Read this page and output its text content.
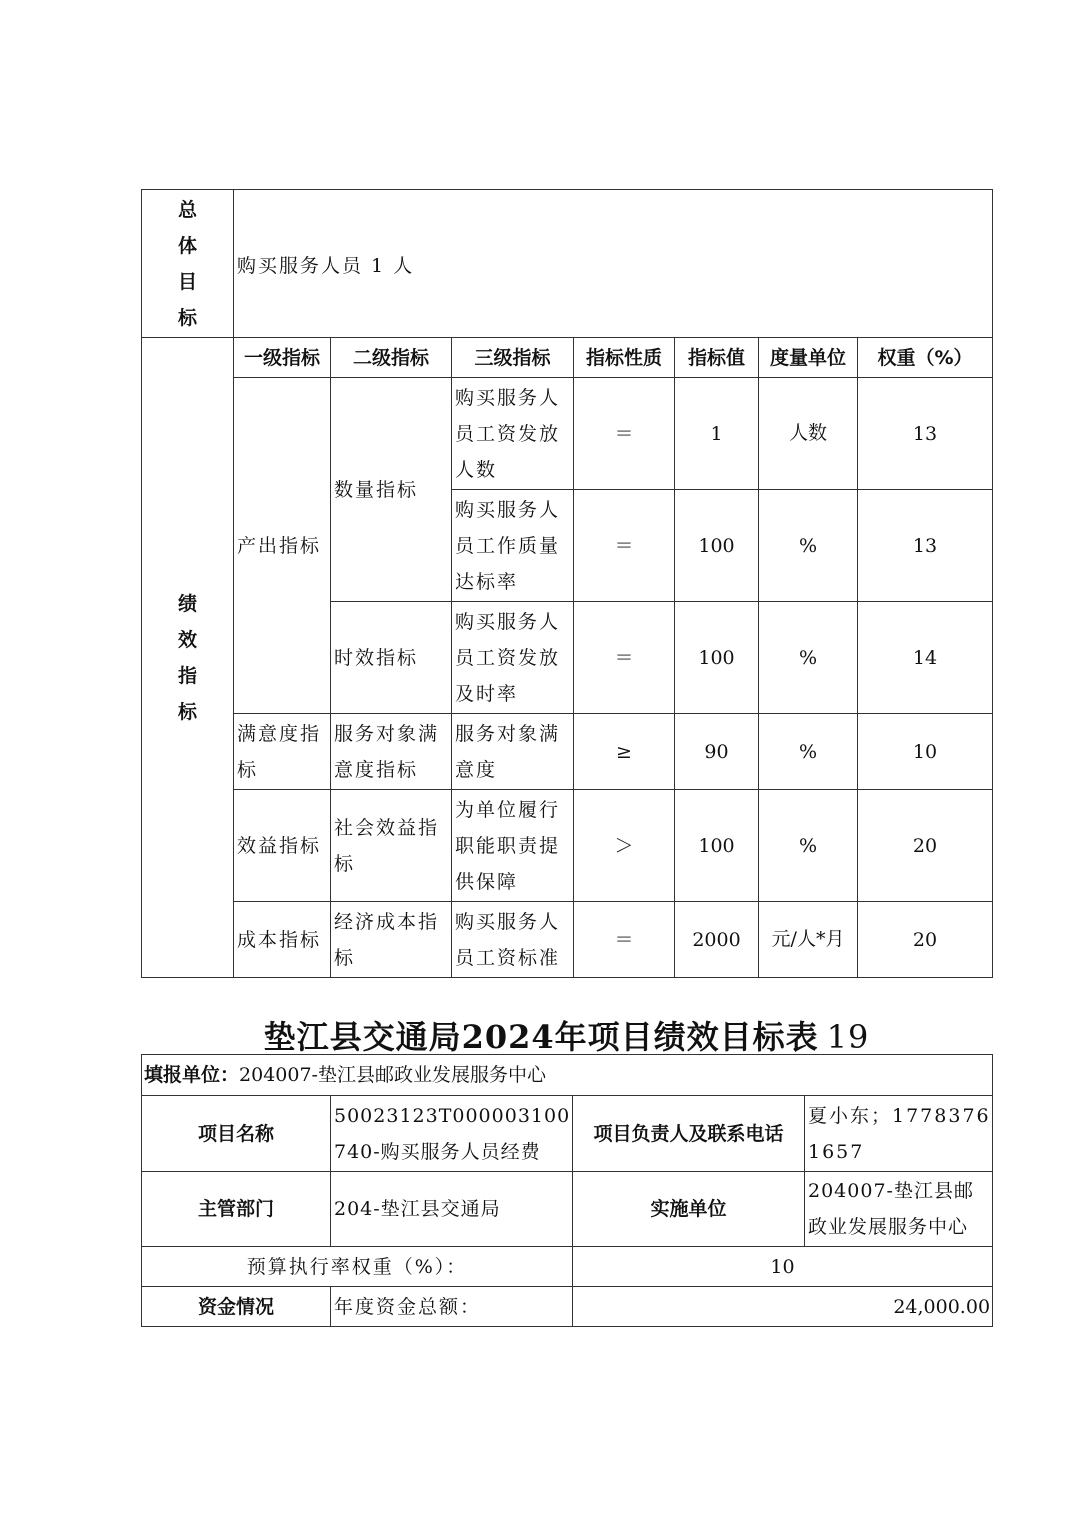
总
体
目
标	购买服务人员 1 人						

绩
效
指
标	一级指标	二级指标	三级指标	指标性质	指标值	度量单位	权重（%）
	产出指标	数量指标	购买服务人员工资发放人数	＝	1	人数	13
			购买服务人员工作质量达标率	＝	100	%	13
		时效指标	购买服务人员工资发放及时率	＝	100	%	14
	满意度指标	服务对象满意度指标	服务对象满意度	≥	90	%	10
	效益指标	社会效益指标	为单位履行职能职责提供保障	＞	100	%	20
	成本指标	经济成本指标	购买服务人员工资标准	＝	2000	元/人*月	20
垫江县交通局2024年项目绩效目标表 19
填报单位：204007-垫江县邮政业发展服务中心			
项目名称	50023123T000003100740-购买服务人员经费	项目负责人及联系电话	夏小东；17783761657
主管部门	204-垫江县交通局	实施单位	204007-垫江县邮政业发展服务中心
预算执行率权重（%）：		10	
资金情况	年度资金总额：	24,000.00	
